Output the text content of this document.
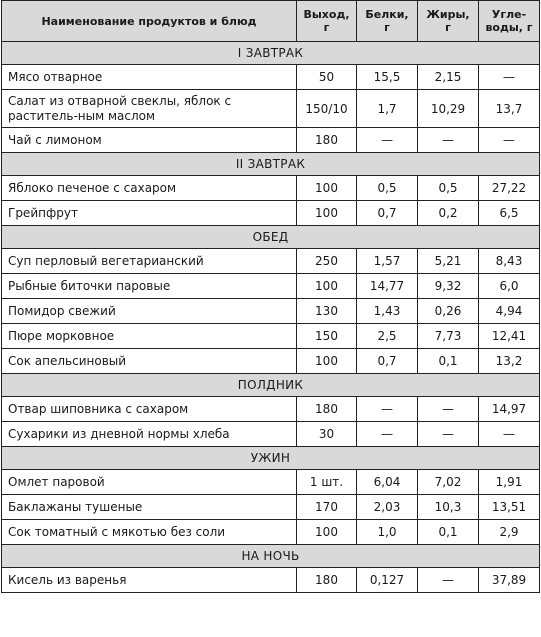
Наименование продуктов и блюд	Выход, г	Белки, г	Жиры, г	Угле-воды, г
I ЗАВТРАК				
Мясо отварное	50	15,5	2,15	—
Салат из отварной свеклы, яблок с раститель-ным маслом	150/10	1,7	10,29	13,7
Чай с лимоном	180	—	—	—
II ЗАВТРАК				
Яблоко печеное с сахаром	100	0,5	0,5	27,22
Грейпфрут	100	0,7	0,2	6,5
ОБЕД				
Суп перловый вегетарианский	250	1,57	5,21	8,43
Рыбные биточки паровые	100	14,77	9,32	6,0
Помидор свежий	130	1,43	0,26	4,94
Пюре морковное	150	2,5	7,73	12,41
Сок апельсиновый	100	0,7	0,1	13,2
ПОЛДНИК				
Отвар шиповника с сахаром	180	—	—	14,97
Сухарики из дневной нормы хлеба	30	—	—	—
УЖИН				
Омлет паровой	1 шт.	6,04	7,02	1,91
Баклажаны тушеные	170	2,03	10,3	13,51
Сок томатный с мякотью без соли	100	1,0	0,1	2,9
НА НОЧЬ				
Кисель из варенья	180	0,127	—	37,89
